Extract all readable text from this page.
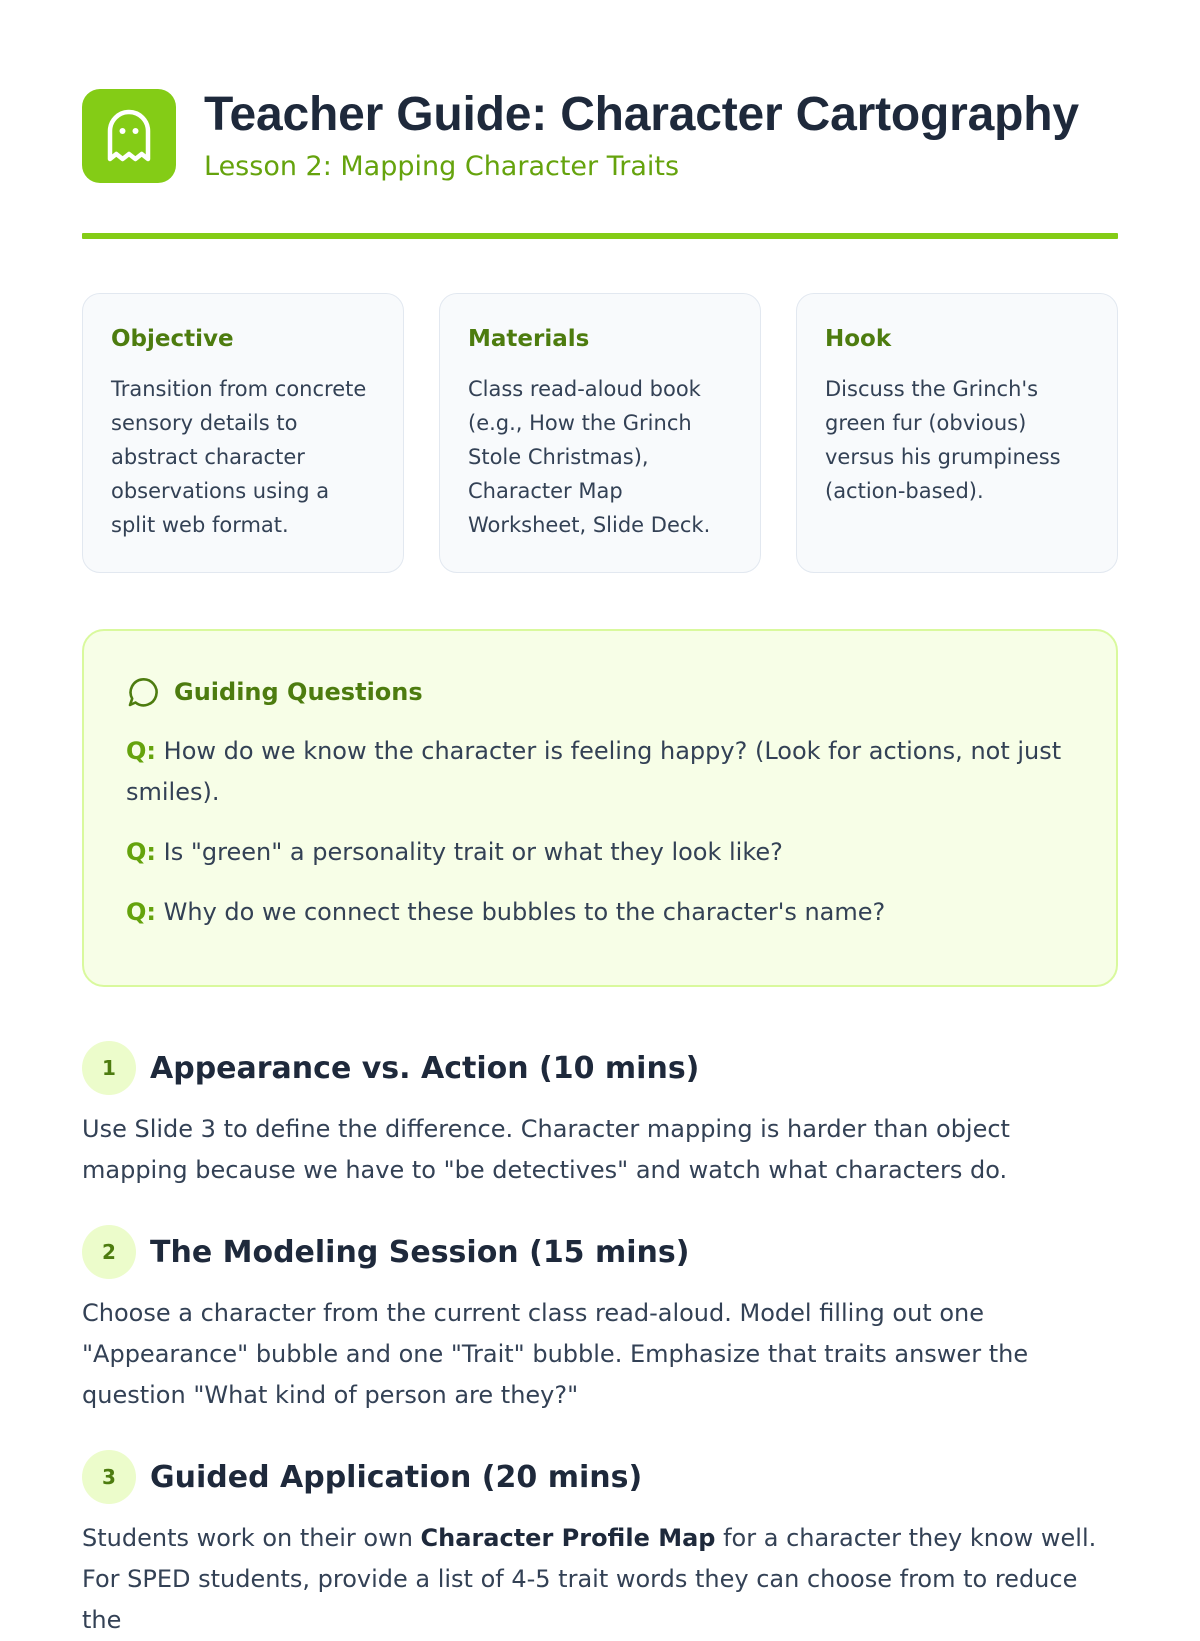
Teacher Guide: Character Cartography
Lesson 2: Mapping Character Traits
Objective
Transition from concrete sensory details to abstract character observations using a split web format.
Materials
Class read-aloud book (e.g., How the Grinch Stole Christmas), Character Map Worksheet, Slide Deck.
Hook
Discuss the Grinch's green fur (obvious) versus his grumpiness (action-based).
Guiding Questions

Q: How do we know the character is feeling happy? (Look for actions, not just smiles).

Q: Is "green" a personality trait or what they look like?

Q: Why do we connect these bubbles to the character's name?

1	Appearance vs. Action (10 mins)

Use Slide 3 to define the difference. Character mapping is harder than object mapping because we have to "be detectives" and watch what characters do.

2	The Modeling Session (15 mins)

Choose a character from the current class read-aloud. Model filling out one "Appearance" bubble and one "Trait" bubble. Emphasize that traits answer the question "What kind of person are they?"

3	Guided Application (20 mins)

Students work on their own Character Profile Map for a character they know well. For SPED students, provide a list of 4-5 trait words they can choose from to reduce the
